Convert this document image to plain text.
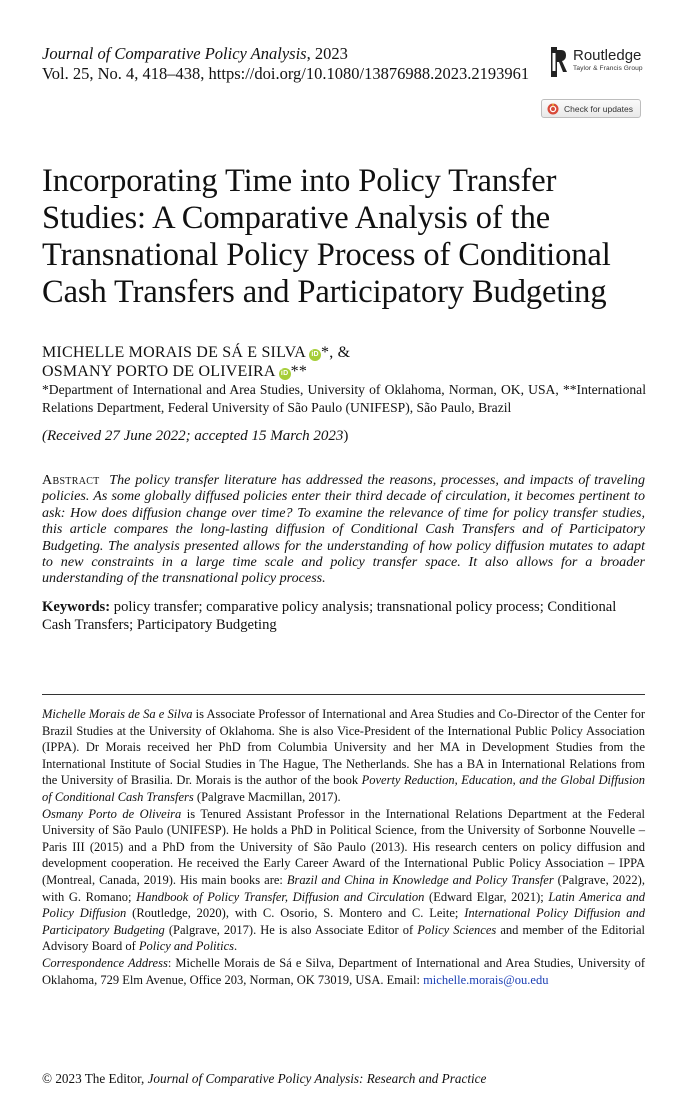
Journal of Comparative Policy Analysis, 2023
Vol. 25, No. 4, 418–438, https://doi.org/10.1080/13876988.2023.2193961
Routledge
Taylor & Francis Group
Check for updates
Incorporating Time into Policy Transfer
Studies: A Comparative Analysis of the
Transnational Policy Process of Conditional
Cash Transfers and Participatory Budgeting
MICHELLE MORAIS DE SÁ E SILVA iD *, &
OSMANY PORTO DE OLIVEIRA iD **
*Department of International and Area Studies, University of Oklahoma, Norman, OK, USA, **International Relations Department, Federal University of São Paulo (UNIFESP), São Paulo, Brazil
(Received 27 June 2022; accepted 15 March 2023)
Abstract The policy transfer literature has addressed the reasons, processes, and impacts of traveling policies. As some globally diffused policies enter their third decade of circulation, it becomes pertinent to ask: How does diffusion change over time? To examine the relevance of time for policy transfer studies, this article compares the long-lasting diffusion of Conditional Cash Transfers and of Participatory Budgeting. The analysis presented allows for the understanding of how policy diffusion mutates to adapt to new constraints in a large time scale and policy transfer space. It also allows for a broader understanding of the transnational policy process.
Keywords: policy transfer; comparative policy analysis; transnational policy process; Conditional Cash Transfers; Participatory Budgeting
Michelle Morais de Sa e Silva is Associate Professor of International and Area Studies and Co-Director of the Center for Brazil Studies at the University of Oklahoma. She is also Vice-President of the International Public Policy Association (IPPA). Dr Morais received her PhD from Columbia University and her MA in Development Studies from the International Institute of Social Studies in The Hague, The Netherlands. She has a BA in International Relations from the University of Brasilia. Dr. Morais is the author of the book Poverty Reduction, Education, and the Global Diffusion of Conditional Cash Transfers (Palgrave Macmillan, 2017).
Osmany Porto de Oliveira is Tenured Assistant Professor in the International Relations Department at the Federal University of São Paulo (UNIFESP). He holds a PhD in Political Science, from the University of Sorbonne Nouvelle – Paris III (2015) and a PhD from the University of São Paulo (2013). His research centers on policy diffusion and development cooperation. He received the Early Career Award of the International Public Policy Association – IPPA (Montreal, Canada, 2019). His main books are: Brazil and China in Knowledge and Policy Transfer (Palgrave, 2022), with G. Romano; Handbook of Policy Transfer, Diffusion and Circulation (Edward Elgar, 2021); Latin America and Policy Diffusion (Routledge, 2020), with C. Osorio, S. Montero and C. Leite; International Policy Diffusion and Participatory Budgeting (Palgrave, 2017). He is also Associate Editor of Policy Sciences and member of the Editorial Advisory Board of Policy and Politics.
Correspondence Address: Michelle Morais de Sá e Silva, Department of International and Area Studies, University of Oklahoma, 729 Elm Avenue, Office 203, Norman, OK 73019, USA. Email: michelle.morais@ou.edu
© 2023 The Editor, Journal of Comparative Policy Analysis: Research and Practice
